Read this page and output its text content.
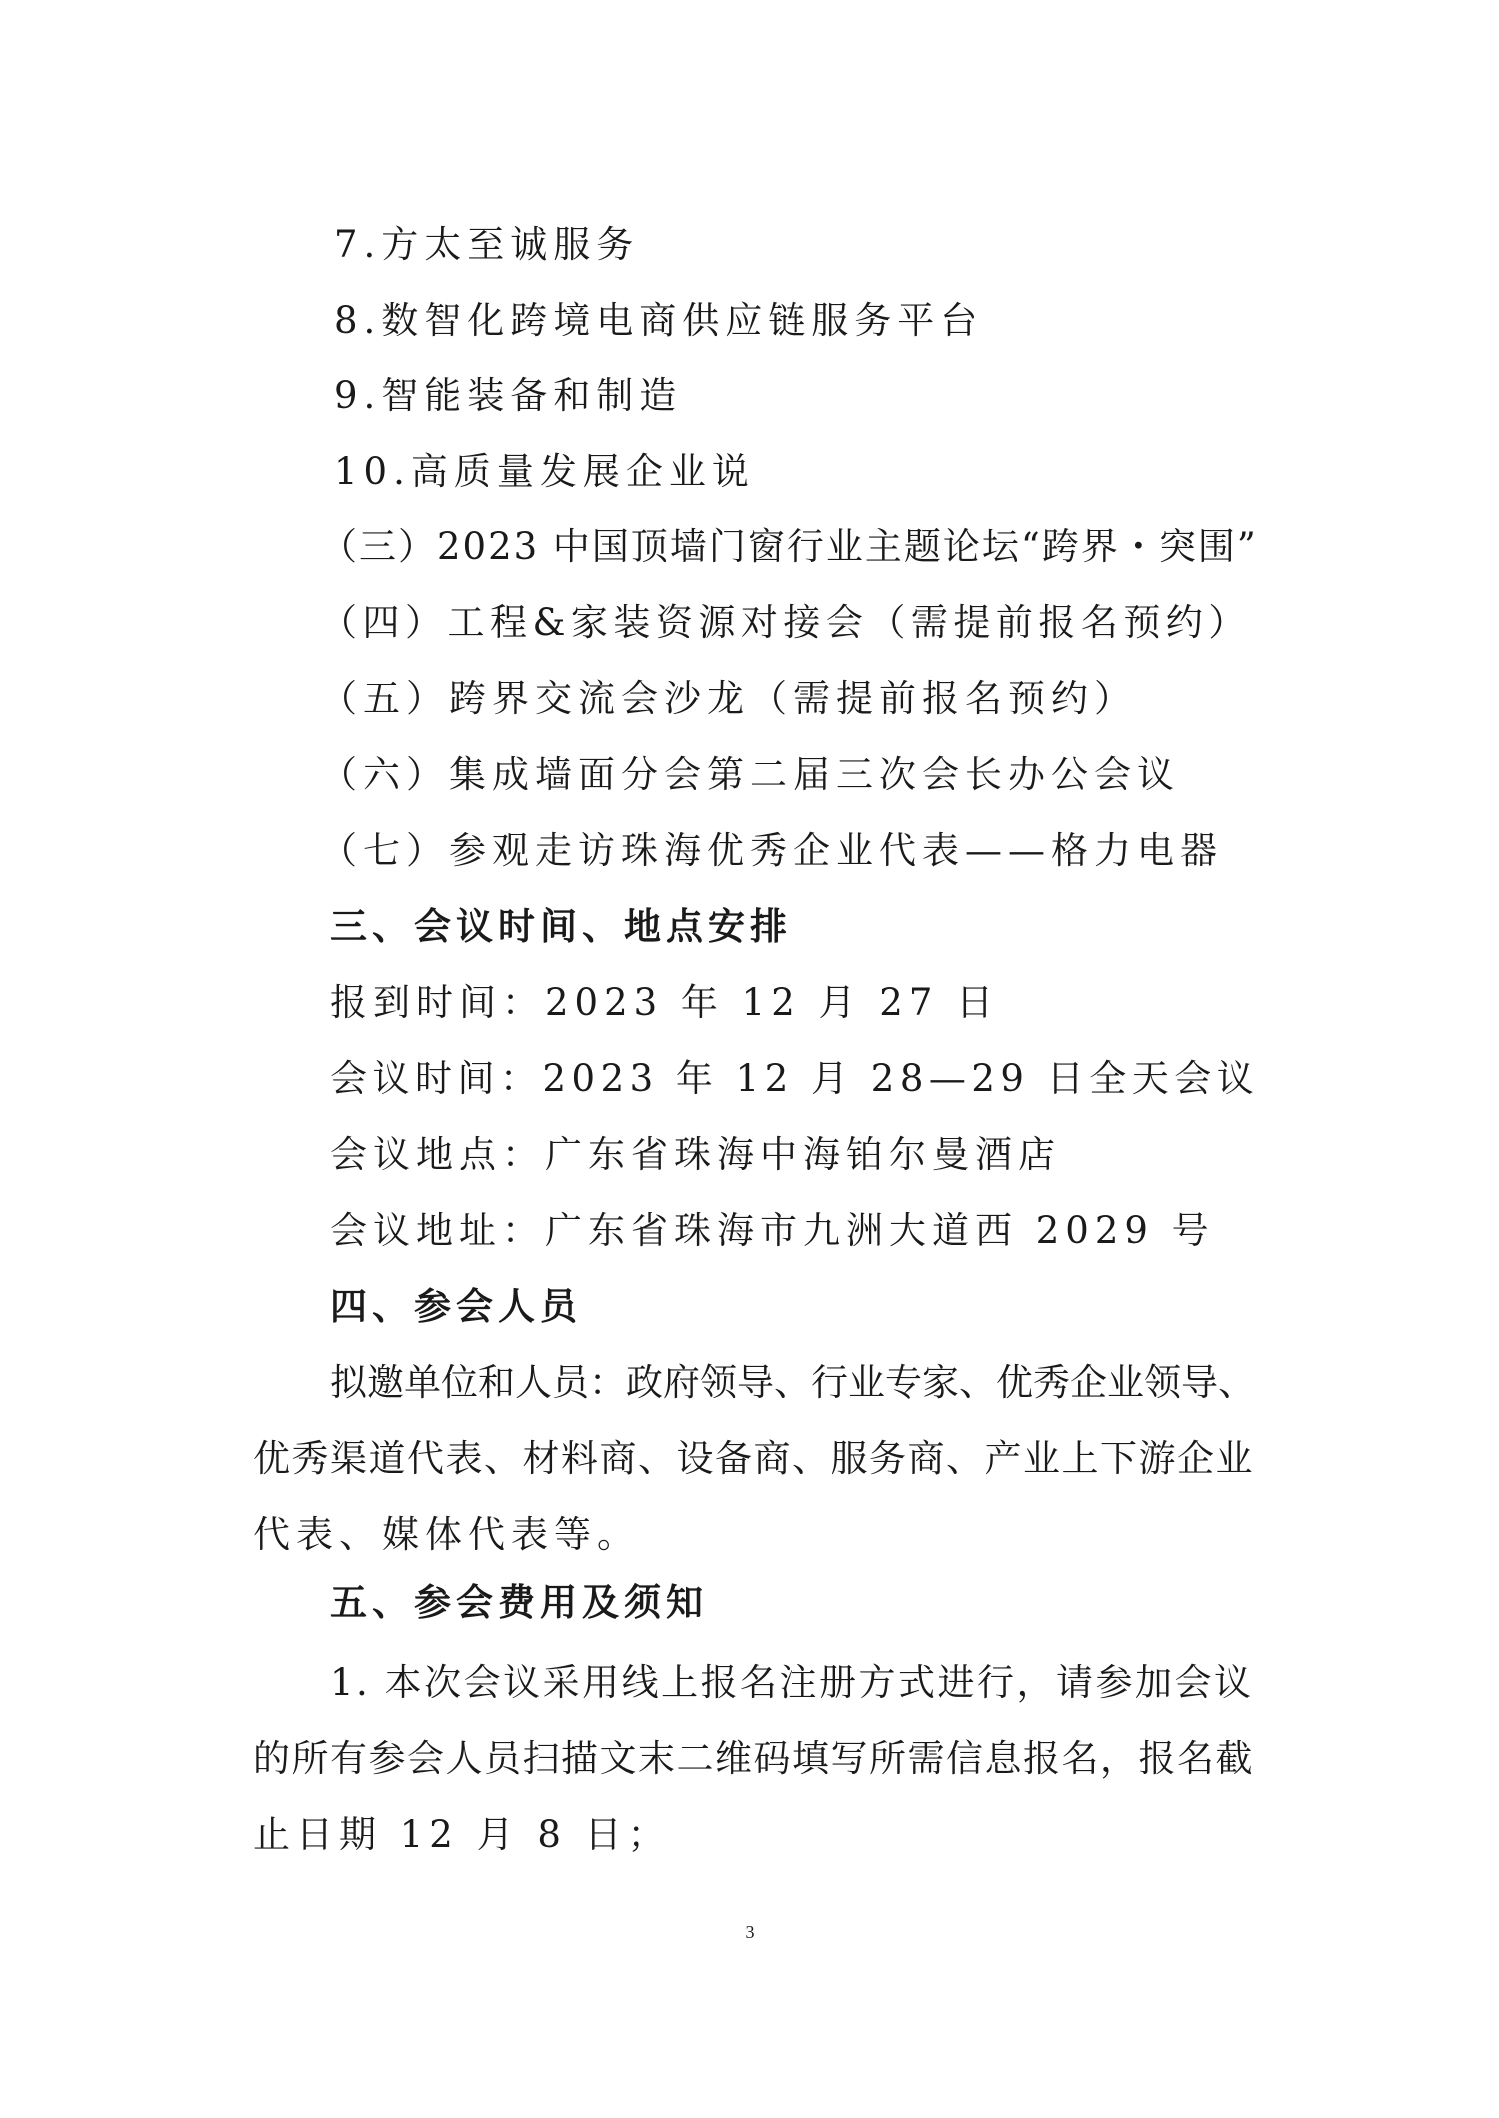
7.方太至诚服务
8.数智化跨境电商供应链服务平台
9.智能装备和制造
10.高质量发展企业说
（三）2023 中国顶墙门窗行业主题论坛“跨界・突围”
（四）工程&家装资源对接会（需提前报名预约）
（五）跨界交流会沙龙（需提前报名预约）
（六）集成墙面分会第二届三次会长办公会议
（七）参观走访珠海优秀企业代表——格力电器
三、会议时间、地点安排
报到时间：2023 年 12 月 27 日
会议时间：2023 年 12 月 28—29 日全天会议
会议地点：广东省珠海中海铂尔曼酒店
会议地址：广东省珠海市九洲大道西 2029 号
四、参会人员
拟邀单位和人员：政府领导、行业专家、优秀企业领导、
优秀渠道代表、材料商、设备商、服务商、产业上下游企业
代表、媒体代表等。
五、参会费用及须知
1. 本次会议采用线上报名注册方式进行，请参加会议
的所有参会人员扫描文末二维码填写所需信息报名，报名截
止日期 12 月 8 日；
3
